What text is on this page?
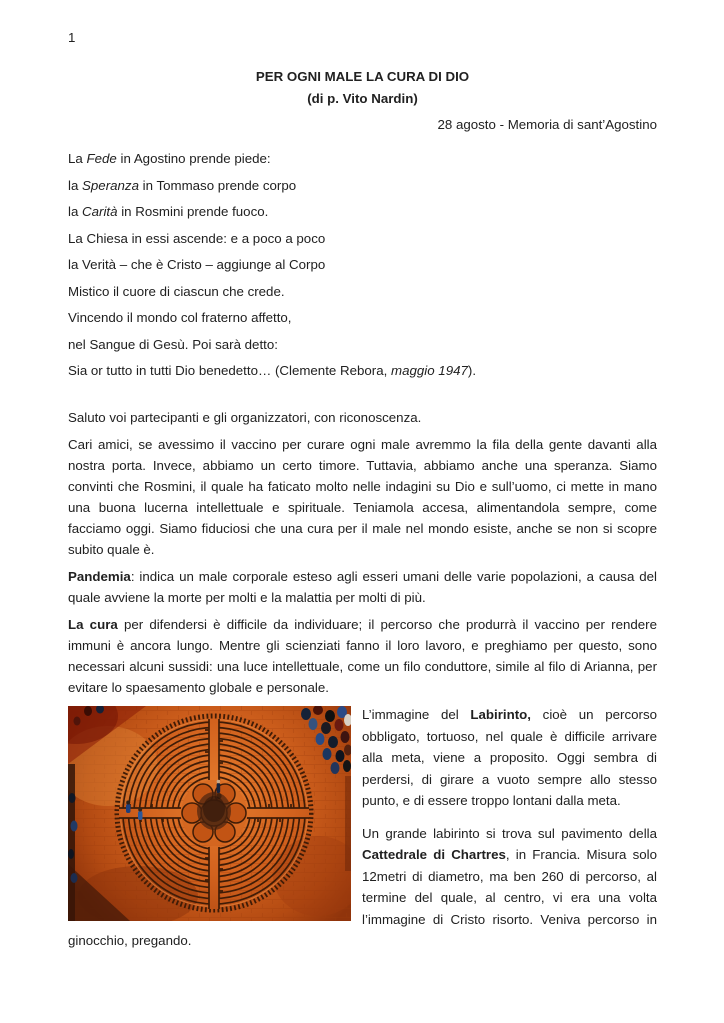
1

PER OGNI MALE LA CURA DI DIO
(di p. Vito Nardin)

28 agosto - Memoria di sant’Agostino

La Fede in Agostino prende piede:

la Speranza in Tommaso prende corpo

la Carità in Rosmini prende fuoco.

La Chiesa in essi ascende: e a poco a poco

la Verità – che è Cristo – aggiunge al Corpo

Mistico il cuore di ciascun che crede.

Vincendo il mondo col fraterno affetto,

nel Sangue di Gesù. Poi sarà detto:

Sia or tutto in tutti Dio benedetto… (Clemente Rebora, maggio 1947).

Saluto voi partecipanti e gli organizzatori, con riconoscenza.

Cari amici, se avessimo il vaccino per curare ogni male avremmo la fila della gente davanti alla nostra porta. Invece, abbiamo un certo timore. Tuttavia, abbiamo anche una speranza. Siamo convinti che Rosmini, il quale ha faticato molto nelle indagini su Dio e sull’uomo, ci mette in mano una buona lucerna intellettuale e spirituale. Teniamola accesa, alimentandola sempre, come facciamo oggi. Siamo fiduciosi che una cura per il male nel mondo esiste, anche se non si scopre subito quale è.

Pandemia: indica un male corporale esteso agli esseri umani delle varie popolazioni, a causa del quale avviene la morte per molti e la malattia per molti di più.

La cura per difendersi è difficile da individuare; il percorso che produrrà il vaccino per rendere immuni è ancora lungo. Mentre gli scienziati fanno il loro lavoro, e preghiamo per questo, sono necessari alcuni sussidi: una luce intellettuale, come un filo conduttore, simile al filo di Arianna, per evitare lo spaesamento globale e personale.

L’immagine del Labirinto, cioè un percorso obbligato, tortuoso, nel quale è difficile arrivare alla meta, viene a proposito. Oggi sembra di perdersi, di girare a vuoto sempre allo stesso punto, e di essere troppo lontani dalla meta.

Un grande labirinto si trova sul pavimento della Cattedrale di Chartres, in Francia. Misura solo 12metri di diametro, ma ben 260 di percorso, al termine del quale, al centro, vi era una volta l’immagine di Cristo risorto. Veniva percorso in ginocchio, pregando.
